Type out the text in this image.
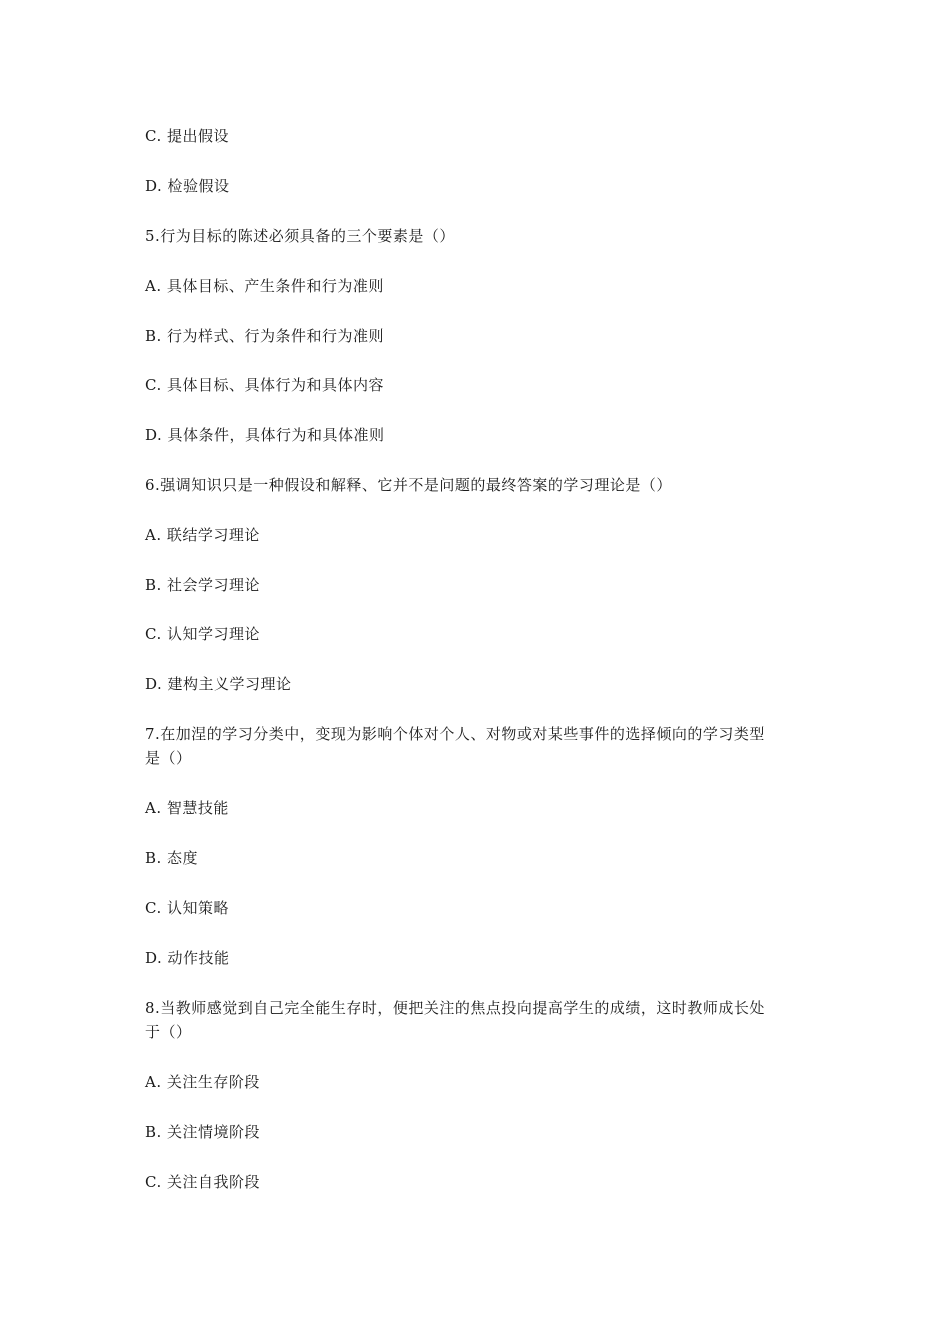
C. 提出假设
D. 检验假设
5.行为目标的陈述必须具备的三个要素是（）
A. 具体目标、产生条件和行为准则
B. 行为样式、行为条件和行为准则
C. 具体目标、具体行为和具体内容
D. 具体条件，具体行为和具体准则
6.强调知识只是一种假设和解释、它并不是问题的最终答案的学习理论是（）
A. 联结学习理论
B. 社会学习理论
C. 认知学习理论
D. 建构主义学习理论
7.在加涅的学习分类中，变现为影响个体对个人、对物或对某些事件的选择倾向的学习类型
是（）
A. 智慧技能
B. 态度
C. 认知策略
D. 动作技能
8.当教师感觉到自己完全能生存时，便把关注的焦点投向提高学生的成绩，这时教师成长处
于（）
A. 关注生存阶段
B. 关注情境阶段
C. 关注自我阶段
